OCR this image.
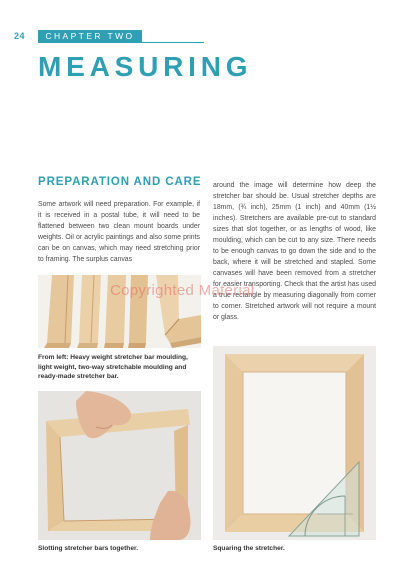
24	CHAPTER TWO
MEASURING
PREPARATION AND CARE

Some artwork will need preparation. For example, if it is received in a postal tube, it will need to be flattened between two clean mount boards under weights. Oil or acrylic paintings and also some prints can be on canvas, which may need stretching prior to framing. The surplus canvas

around the image will determine how deep the stretcher bar should be. Usual stretcher depths are 18mm, (¾ inch), 25mm (1 inch) and 40mm (1½ inches). Stretchers are available pre-cut to standard sizes that slot together, or as lengths of wood, like moulding, which can be cut to any size. There needs to be enough canvas to go down the side and to the back, where it will be stretched and stapled. Some canvases will have been removed from a stretcher for easier transporting. Check that the artist has used a true rectangle by measuring diagonally from corner to corner. Stretched artwork will not require a mount or glass.

From left: Heavy weight stretcher bar moulding, light weight, two-way stretchable moulding and ready-made stretcher bar.
Slotting stretcher bars together.	Squaring the stretcher.
Copyrighted Material
